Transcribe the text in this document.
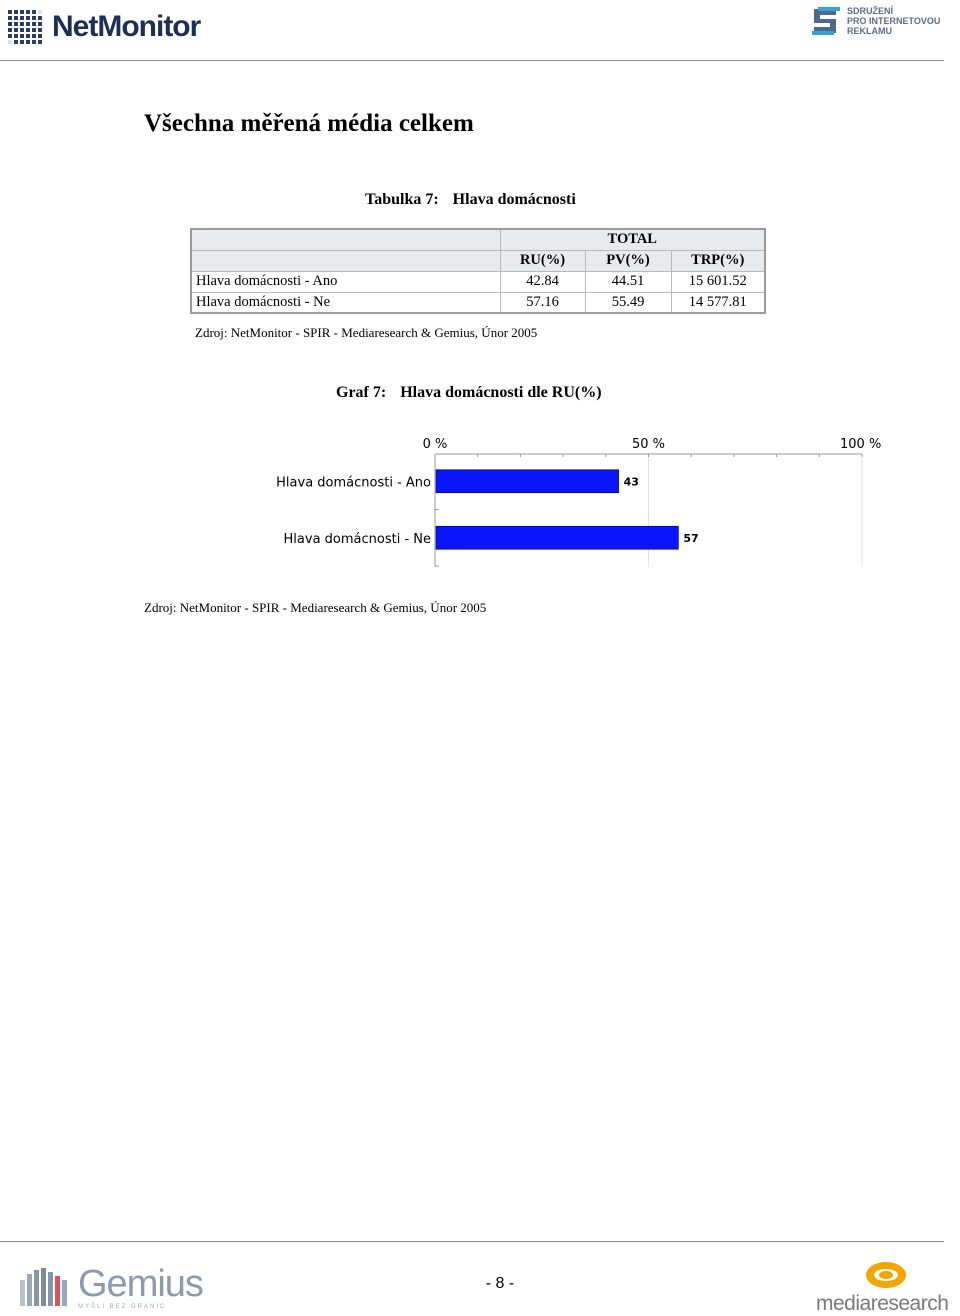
NetMonitor	SDRUŽENÍ
PRO INTERNETOVOU
REKLAMU
Všechna měřená média celkem
Tabulka 7: Hlava domácnosti
	TOTAL		
	RU(%)	PV(%)	TRP(%)
Hlava domácnosti - Ano	42.84	44.51	15 601.52
Hlava domácnosti - Ne	57.16	55.49	14 577.81
Zdroj: NetMonitor - SPIR - Mediaresearch & Gemius, Únor 2005
Graf 7: Hlava domácnosti dle RU(%)
0 %	50 %	100 %
Hlava domácnosti - Ano	43
Hlava domácnosti - Ne	57
Zdroj: NetMonitor - SPIR - Mediaresearch & Gemius, Únor 2005
Gemius
MYŠLI BEZ GRANIC
- 8 -
mediaresearch
